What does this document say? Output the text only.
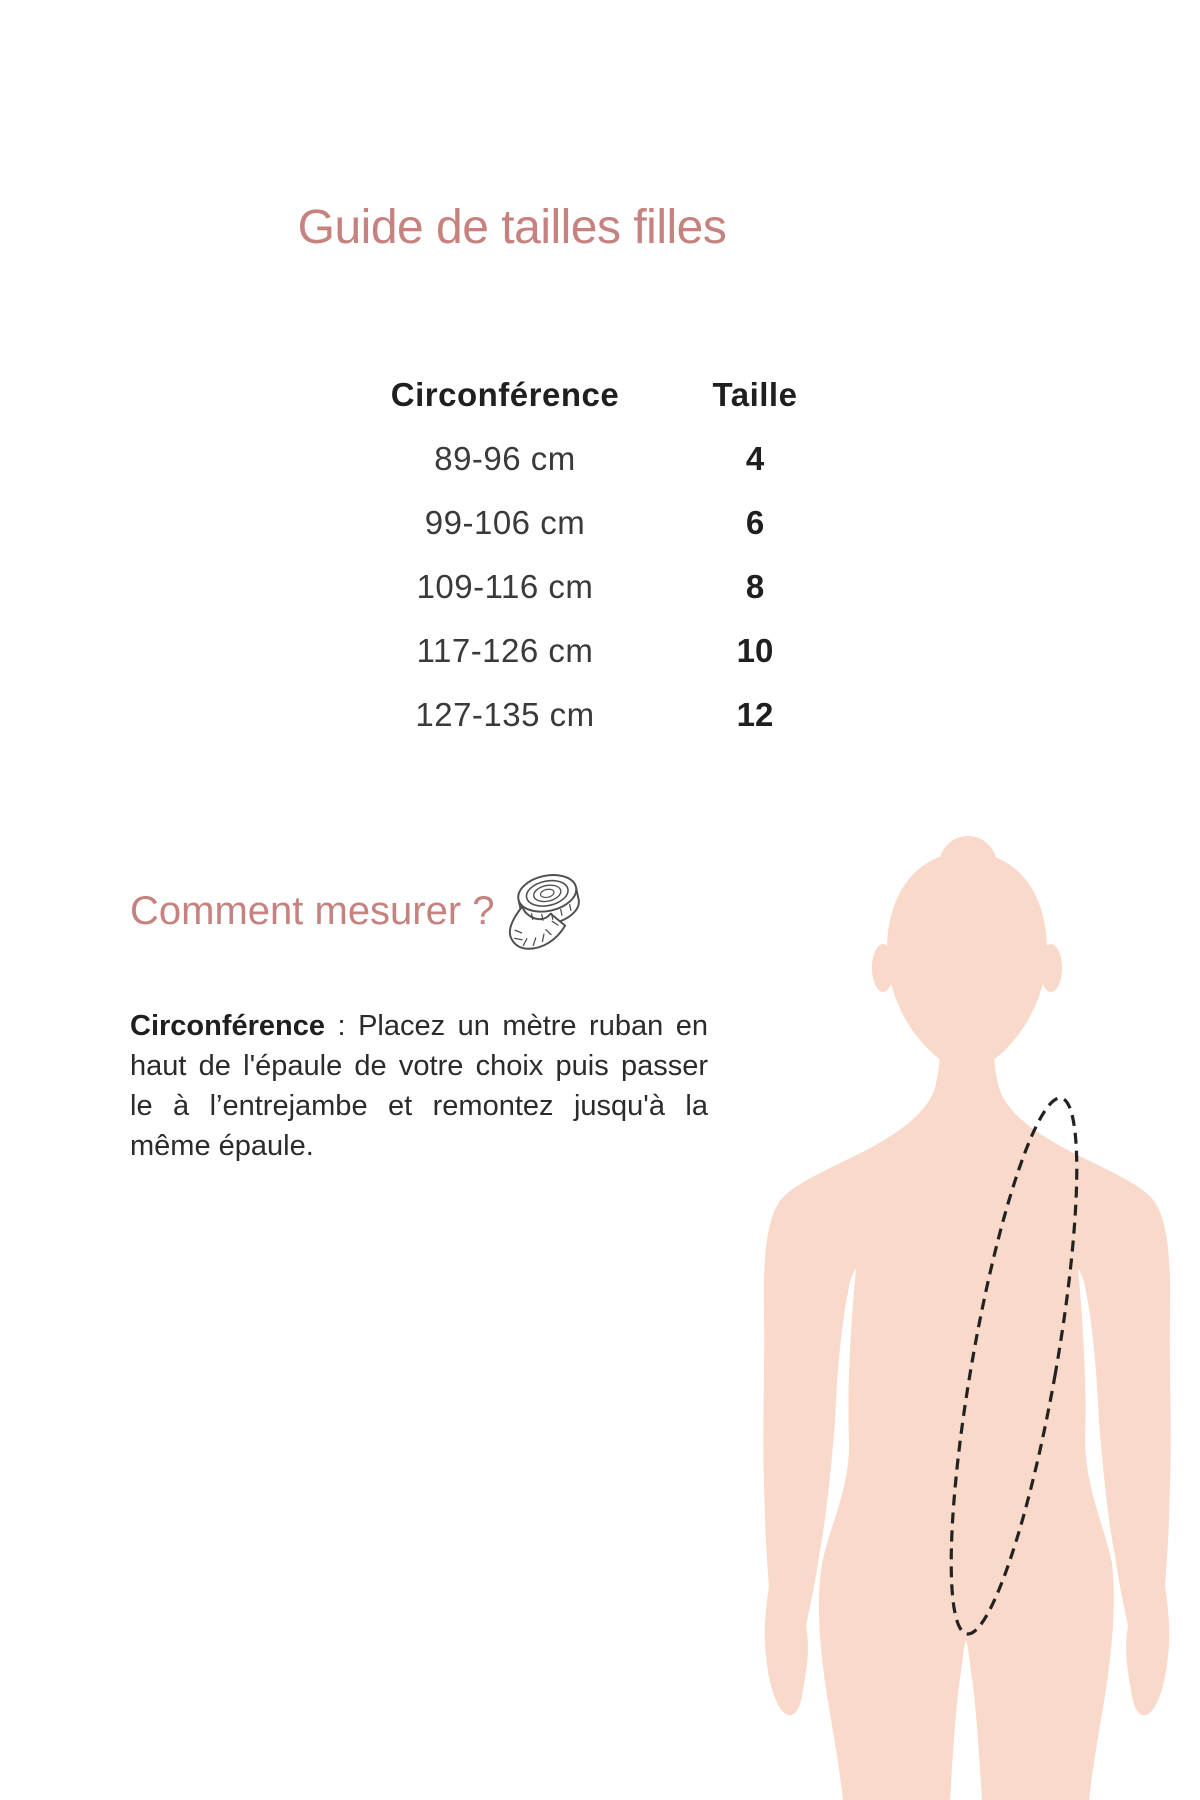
Guide de tailles filles
Circonférence	Taille
89-96 cm	4
99-106 cm	6
109-116 cm	8
117-126 cm	10
127-135 cm	12
Comment mesurer ?

Circonférence : Placez un mètre ruban en haut de l'épaule de votre choix puis passer le à l’entrejambe et remontez jusqu'à la même épaule.
